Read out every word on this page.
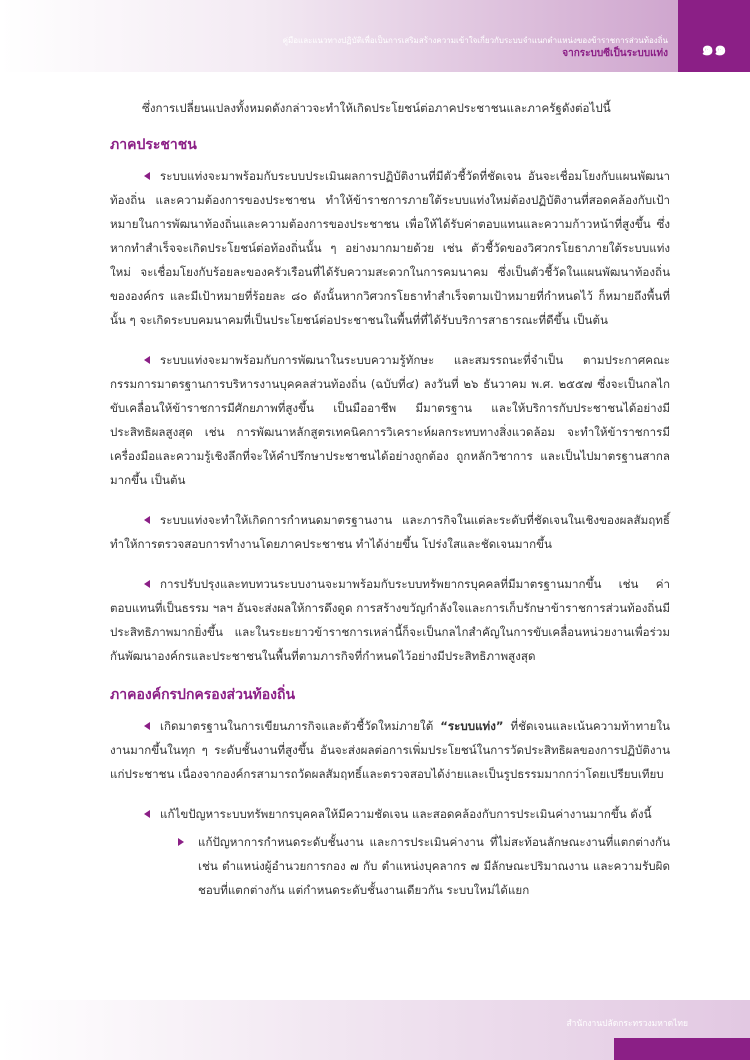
คู่มือและแนวทางปฏิบัติเพื่อเป็นการเสริมสร้างความเข้าใจเกี่ยวกับระบบจำแนกตำแหน่งของข้าราชการส่วนท้องถิ่น
จากระบบซีเป็นระบบแท่ง	๑๑

ซึ่งการเปลี่ยนแปลงทั้งหมดดังกล่าวจะทำให้เกิดประโยชน์ต่อภาคประชาชนและภาครัฐดังต่อไปนี้

ภาคประชาชน

ระบบแท่งจะมาพร้อมกับระบบประเมินผลการปฏิบัติงานที่มีตัวชี้วัดที่ชัดเจน อันจะเชื่อมโยงกับแผนพัฒนาท้องถิ่น และความต้องการของประชาชน ทำให้ข้าราชการภายใต้ระบบแท่งใหม่ต้องปฏิบัติงานที่สอดคล้องกับเป้าหมายในการพัฒนาท้องถิ่นและความต้องการของประชาชน เพื่อให้ได้รับค่าตอบแทนและความก้าวหน้าที่สูงขึ้น ซึ่งหากทำสำเร็จจะเกิดประโยชน์ต่อท้องถิ่นนั้น ๆ อย่างมากมายด้วย เช่น ตัวชี้วัดของวิศวกรโยธาภายใต้ระบบแท่งใหม่ จะเชื่อมโยงกับร้อยละของครัวเรือนที่ได้รับความสะดวกในการคมนาคม ซึ่งเป็นตัวชี้วัดในแผนพัฒนาท้องถิ่นขององค์กร และมีเป้าหมายที่ร้อยละ ๘๐ ดังนั้นหากวิศวกรโยธาทำสำเร็จตามเป้าหมายที่กำหนดไว้ ก็หมายถึงพื้นที่นั้น ๆ จะเกิดระบบคมนาคมที่เป็นประโยชน์ต่อประชาชนในพื้นที่ที่ได้รับบริการสาธารณะที่ดีขึ้น เป็นต้น

ระบบแท่งจะมาพร้อมกับการพัฒนาในระบบความรู้ทักษะ และสมรรถนะที่จำเป็น ตามประกาศคณะกรรมการมาตรฐานการบริหารงานบุคคลส่วนท้องถิ่น (ฉบับที่๔) ลงวันที่ ๒๖ ธันวาคม พ.ศ. ๒๕๕๗ ซึ่งจะเป็นกลไกขับเคลื่อนให้ข้าราชการมีศักยภาพที่สูงขึ้น เป็นมืออาชีพ มีมาตรฐาน และให้บริการกับประชาชนได้อย่างมีประสิทธิผลสูงสุด เช่น การพัฒนาหลักสูตรเทคนิคการวิเคราะห์ผลกระทบทางสิ่งแวดล้อม จะทำให้ข้าราชการมีเครื่องมือและความรู้เชิงลึกที่จะให้คำปรึกษาประชาชนได้อย่างถูกต้อง ถูกหลักวิชาการ และเป็นไปมาตรฐานสากลมากขึ้น เป็นต้น

ระบบแท่งจะทำให้เกิดการกำหนดมาตรฐานงาน และภารกิจในแต่ละระดับที่ชัดเจนในเชิงของผลสัมฤทธิ์ทำให้การตรวจสอบการทำงานโดยภาคประชาชน ทำได้ง่ายขึ้น โปร่งใสและชัดเจนมากขึ้น

การปรับปรุงและทบทวนระบบงานจะมาพร้อมกับระบบทรัพยากรบุคคลที่มีมาตรฐานมากขึ้น เช่น ค่าตอบแทนที่เป็นธรรม ฯลฯ อันจะส่งผลให้การดึงดูด การสร้างขวัญกำลังใจและการเก็บรักษาข้าราชการส่วนท้องถิ่นมีประสิทธิภาพมากยิ่งขึ้น และในระยะยาวข้าราชการเหล่านี้ก็จะเป็นกลไกสำคัญในการขับเคลื่อนหน่วยงานเพื่อร่วมกันพัฒนาองค์กรและประชาชนในพื้นที่ตามภารกิจที่กำหนดไว้อย่างมีประสิทธิภาพสูงสุด

ภาคองค์กรปกครองส่วนท้องถิ่น

เกิดมาตรฐานในการเขียนภารกิจและตัวชี้วัดใหม่ภายใต้ “ระบบแท่ง” ที่ชัดเจนและเน้นความท้าทายในงานมากขึ้นในทุก ๆ ระดับชั้นงานที่สูงขึ้น อันจะส่งผลต่อการเพิ่มประโยชน์ในการวัดประสิทธิผลของการปฏิบัติงานแก่ประชาชน เนื่องจากองค์กรสามารถวัดผลสัมฤทธิ์และตรวจสอบได้ง่ายและเป็นรูปธรรมมากกว่าโดยเปรียบเทียบ

แก้ไขปัญหาระบบทรัพยากรบุคคลให้มีความชัดเจน และสอดคล้องกับการประเมินค่างานมากขึ้น ดังนี้

แก้ปัญหาการกำหนดระดับชั้นงาน และการประเมินค่างาน ที่ไม่สะท้อนลักษณะงานที่แตกต่างกัน เช่น ตำแหน่งผู้อำนวยการกอง ๗ กับ ตำแหน่งบุคลากร ๗ มีลักษณะปริมาณงาน และความรับผิดชอบที่แตกต่างกัน แต่กำหนดระดับชั้นงานเดียวกัน ระบบใหม่ได้แยก

สำนักงานปลัดกระทรวงมหาดไทย
